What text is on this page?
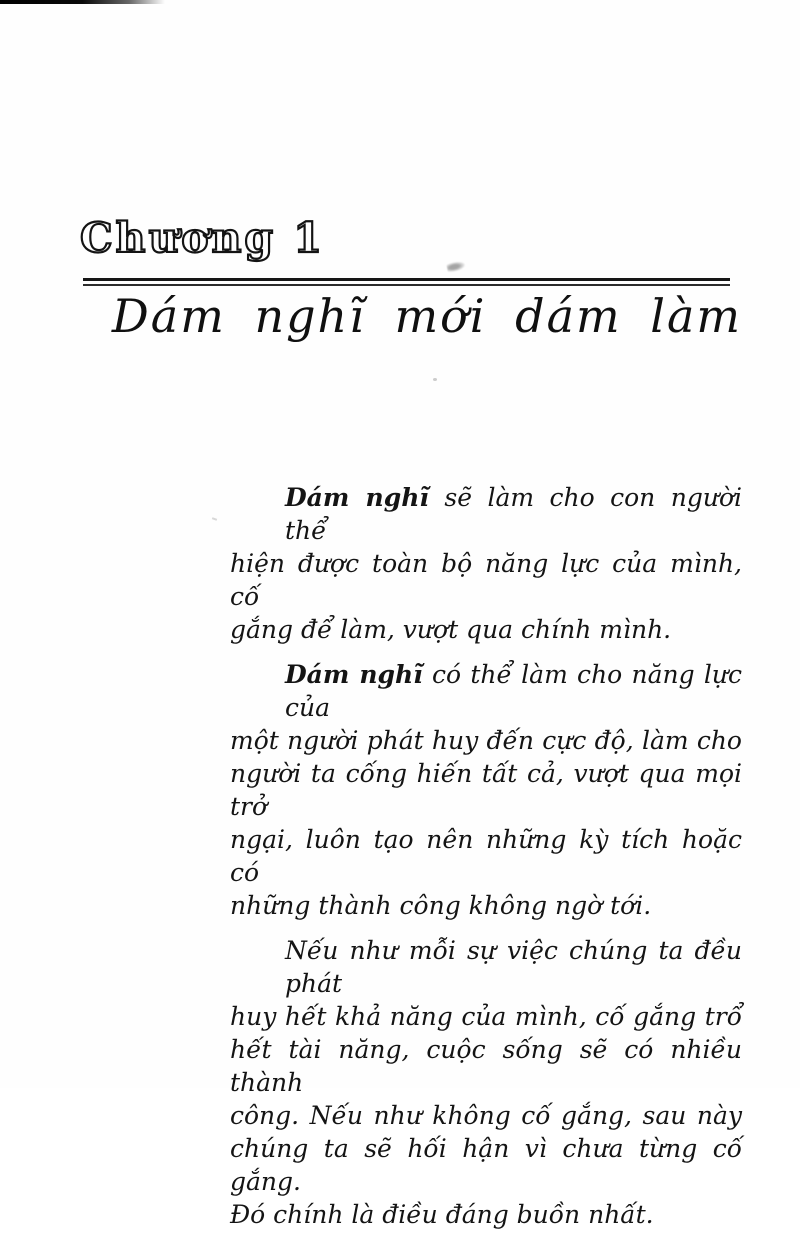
Chương 1
Dám nghĩ mới dám làm

Dám nghĩ sẽ làm cho con người thể
hiện được toàn bộ năng lực của mình, cố
gắng để làm, vượt qua chính mình.

Dám nghĩ có thể làm cho năng lực của
một người phát huy đến cực độ, làm cho
người ta cống hiến tất cả, vượt qua mọi trở
ngại, luôn tạo nên những kỳ tích hoặc có
những thành công không ngờ tới.

Nếu như mỗi sự việc chúng ta đều phát
huy hết khả năng của mình, cố gắng trổ
hết tài năng, cuộc sống sẽ có nhiều thành
công. Nếu như không cố gắng, sau này
chúng ta sẽ hối hận vì chưa từng cố gắng.
Đó chính là điều đáng buồn nhất.
